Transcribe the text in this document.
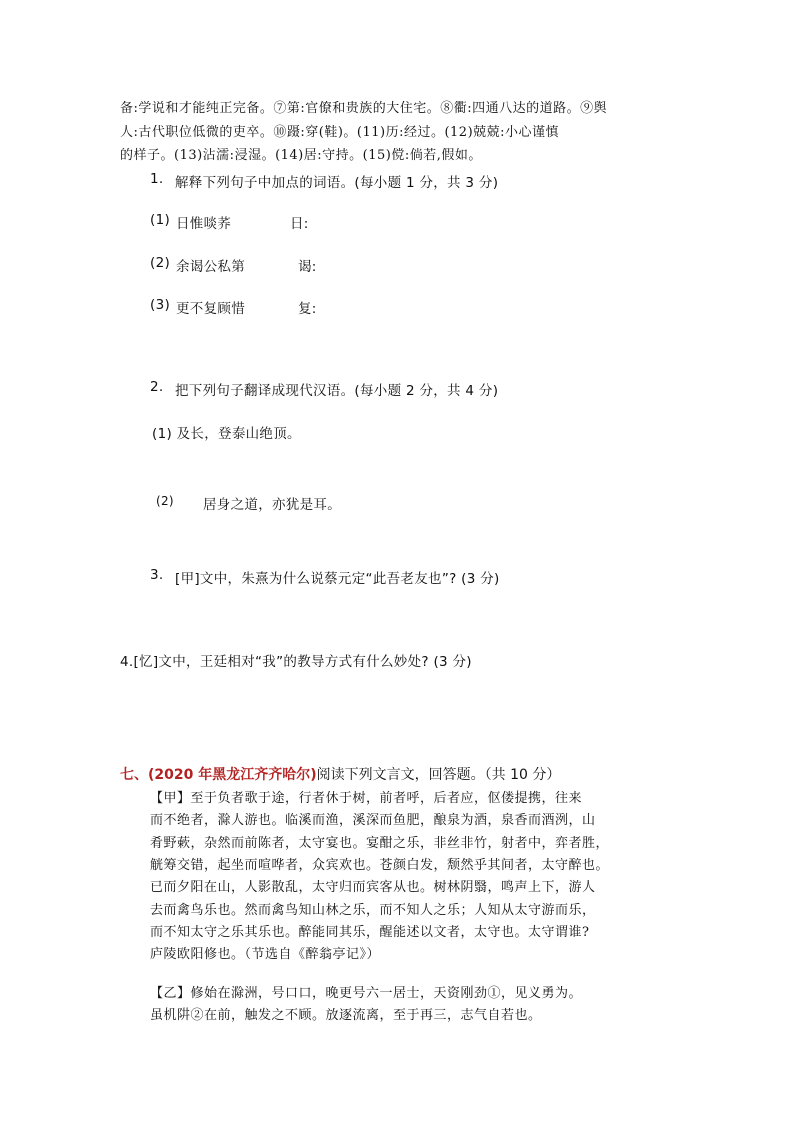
备:学说和才能纯正完备。⑦第:官僚和贵族的大住宅。⑧衢:四通八达的道路。⑨舆
人:古代职位低微的吏卒。⑩蹑:穿(鞋)。(11)历:经过。(12)兢兢:小心谨慎
的样子。(13)沾濡:浸湿。(14)居:守持。(15)傥:倘若,假如。
1. 解释下列句子中加点的词语。(每小题 1 分，共 3 分)
(1) 日惟啖荞	日:
(2) 余谒公私第	谒:
(3) 更不复顾惜	复:
2. 把下列句子翻译成现代汉语。(每小题 2 分，共 4 分)
(1) 及长，登泰山绝顶。
(2) 居身之道，亦犹是耳。
3. [甲]文中，朱熹为什么说蔡元定“此吾老友也”? (3 分)
4.[忆]文中，王廷相对“我”的教导方式有什么妙处? (3 分)
七、(2020 年黑龙江齐齐哈尔)阅读下列文言文，回答题。（共 10 分）
【甲】至于负者歌于途，行者休于树，前者呼，后者应，伛偻提携，往来
而不绝者，滁人游也。临溪而渔，溪深而鱼肥，酿泉为酒，泉香而酒洌，山
肴野蔌，杂然而前陈者，太守宴也。宴酣之乐，非丝非竹，射者中，弈者胜，
觥筹交错，起坐而喧哗者，众宾欢也。苍颜白发，颓然乎其间者，太守醉也。
已而夕阳在山，人影散乱，太守归而宾客从也。树林阴翳，鸣声上下，游人
去而禽鸟乐也。然而禽鸟知山林之乐，而不知人之乐；人知从太守游而乐，
而不知太守之乐其乐也。醉能同其乐，醒能述以文者，太守也。太守谓谁?
庐陵欧阳修也。（节选自《醉翁亭记》）
【乙】修始在滁洲，号口口，晚更号六一居士，天资刚劲①，见义勇为。
虽机阱②在前，触发之不顾。放逐流离，至于再三，志气自若也。
